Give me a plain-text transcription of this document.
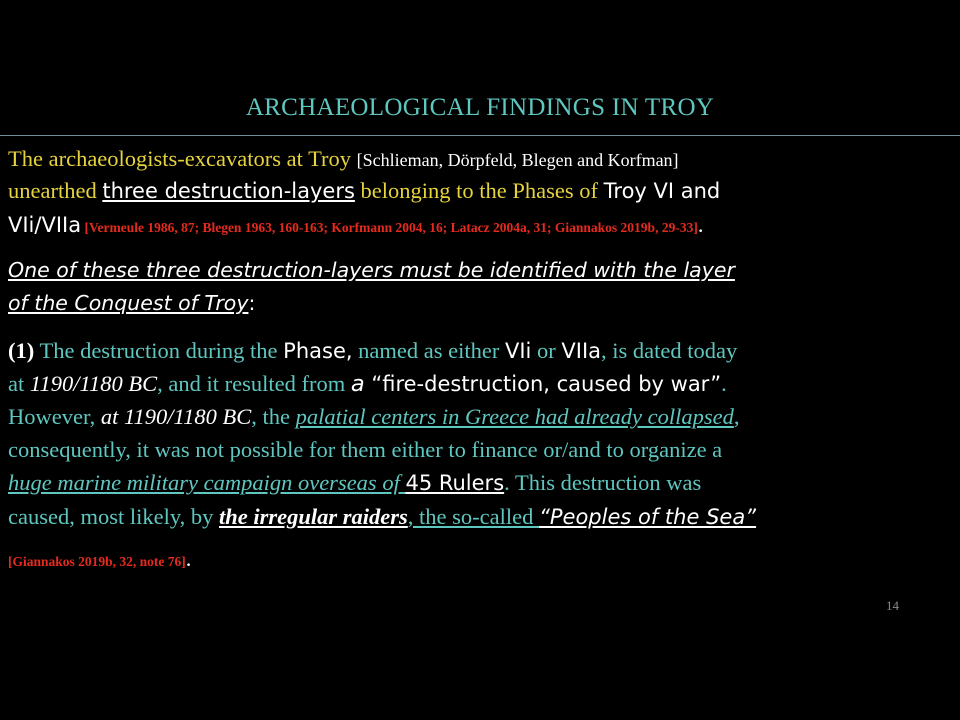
ARCHAEOLOGICAL FINDINGS IN TROY
The archaeologists-excavators at Troy [Schlieman, Dörpfeld, Blegen and Korfman]
unearthed three destruction-layers belonging to the Phases of Troy VI and
VIi/VIIa [Vermeule 1986, 87; Blegen 1963, 160-163; Korfmann 2004, 16; Latacz 2004a, 31; Giannakos 2019b, 29-33].
One of these three destruction-layers must be identified with the layer
of the Conquest of Troy:
(1) The destruction during the Phase, named as either VIi or VIIa, is dated today
at 1190/1180 BC, and it resulted from a “fire-destruction, caused by war”.
However, at 1190/1180 BC, the palatial centers in Greece had already collapsed,
consequently, it was not possible for them either to finance or/and to organize a
huge marine military campaign overseas of 45 Rulers. This destruction was
caused, most likely, by the irregular raiders, the so-called “Peoples of the Sea”
[Giannakos 2019b, 32, note 76].
14
